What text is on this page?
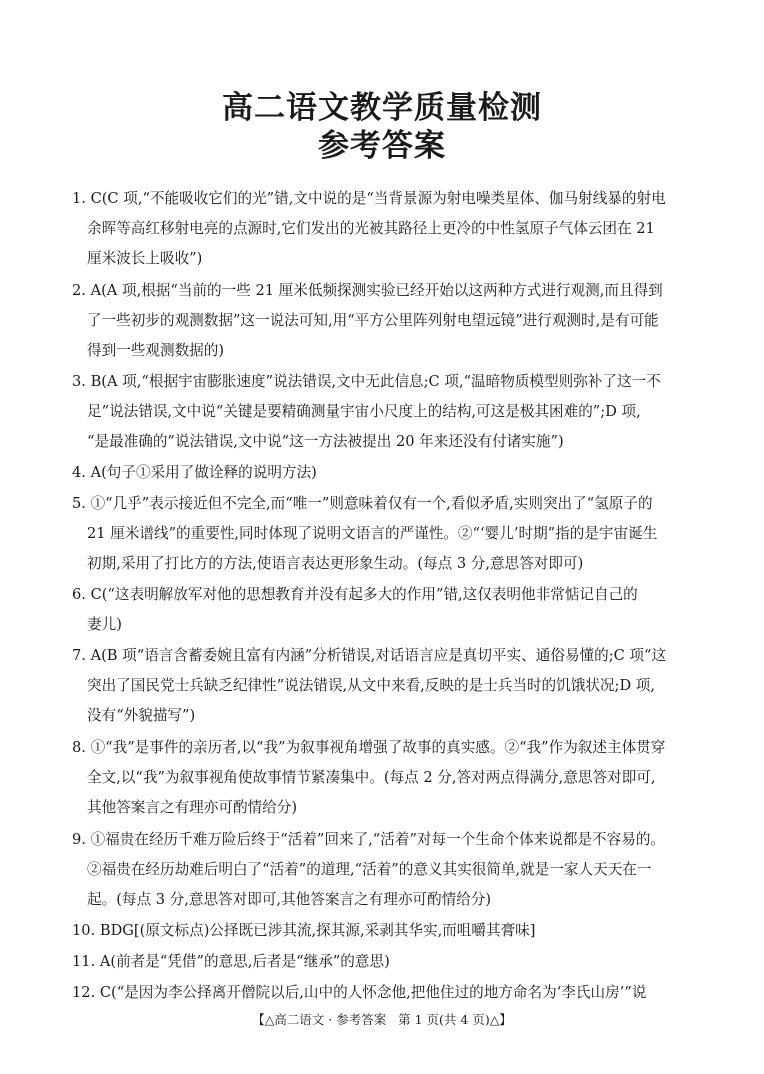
高二语文教学质量检测
参考答案
1. C(C 项,“不能吸收它们的光”错,文中说的是“当背景源为射电噪类星体、伽马射线暴的射电
余晖等高红移射电亮的点源时,它们发出的光被其路径上更冷的中性氢原子气体云团在 21
厘米波长上吸收”)
2. A(A 项,根据“当前的一些 21 厘米低频探测实验已经开始以这两种方式进行观测,而且得到
了一些初步的观测数据”这一说法可知,用“平方公里阵列射电望远镜”进行观测时,是有可能
得到一些观测数据的)
3. B(A 项,“根据宇宙膨胀速度”说法错误,文中无此信息;C 项,“温暗物质模型则弥补了这一不
足”说法错误,文中说“关键是要精确测量宇宙小尺度上的结构,可这是极其困难的”;D 项,
“是最准确的”说法错误,文中说“这一方法被提出 20 年来还没有付诸实施”)
4. A(句子①采用了做诠释的说明方法)
5. ①“几乎”表示接近但不完全,而“唯一”则意味着仅有一个,看似矛盾,实则突出了“氢原子的
21 厘米谱线”的重要性,同时体现了说明文语言的严谨性。②“‘婴儿’时期”指的是宇宙诞生
初期,采用了打比方的方法,使语言表达更形象生动。(每点 3 分,意思答对即可)
6. C(“这表明解放军对他的思想教育并没有起多大的作用”错,这仅表明他非常惦记自己的
妻儿)
7. A(B 项“语言含蓄委婉且富有内涵”分析错误,对话语言应是真切平实、通俗易懂的;C 项“这
突出了国民党士兵缺乏纪律性”说法错误,从文中来看,反映的是士兵当时的饥饿状况;D 项,
没有“外貌描写”)
8. ①“我”是事件的亲历者,以“我”为叙事视角增强了故事的真实感。②“我”作为叙述主体贯穿
全文,以“我”为叙事视角使故事情节紧凑集中。(每点 2 分,答对两点得满分,意思答对即可,
其他答案言之有理亦可酌情给分)
9. ①福贵在经历千难万险后终于“活着”回来了,“活着”对每一个生命个体来说都是不容易的。
②福贵在经历劫难后明白了“活着”的道理,“活着”的意义其实很简单,就是一家人天天在一
起。(每点 3 分,意思答对即可,其他答案言之有理亦可酌情给分)
10. BDG[(原文标点)公择既已涉其流,探其源,采剥其华实,而咀嚼其膏味]
11. A(前者是“凭借”的意思,后者是“继承”的意思)
12. C(“是因为李公择离开僧院以后,山中的人怀念他,把他住过的地方命名为‘李氏山房’”说
【△高二语文 · 参考答案   第 1 页(共 4 页)△】
